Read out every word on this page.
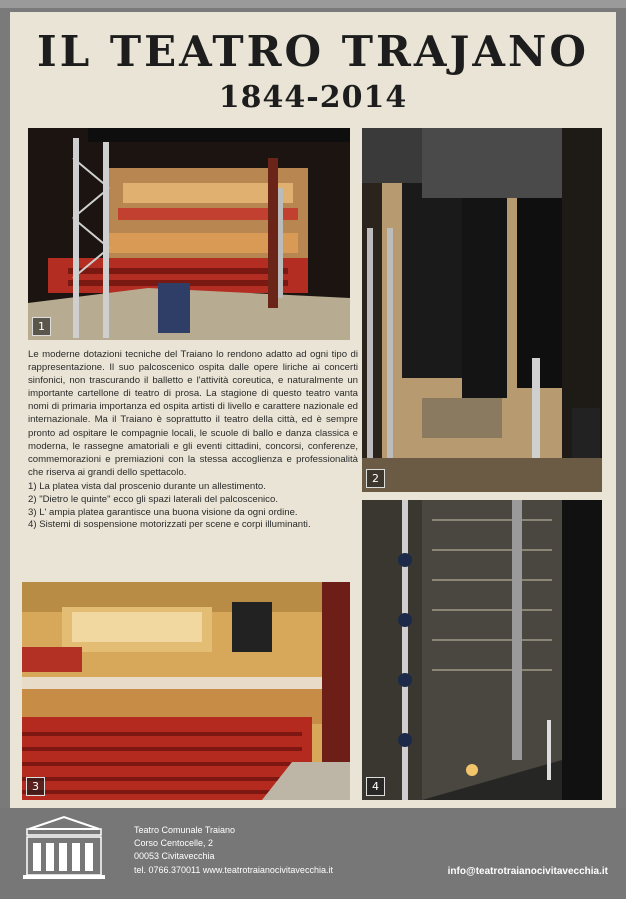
IL TEATRO TRAJANO
1844-2014
1
2

Le moderne dotazioni tecniche del Traiano lo rendono adatto ad ogni tipo di rappresentazione. Il suo palcoscenico ospita dalle opere liriche ai concerti sinfonici, non trascurando il balletto e l'attività coreutica, e naturalmente un importante cartellone di teatro di prosa. La stagione di questo teatro vanta nomi di primaria importanza ed ospita artisti di livello e carattere nazionale ed internazionale. Ma il Traiano è soprattutto il teatro della città, ed è sempre pronto ad ospitare le compagnie locali, le scuole di ballo e danza classica e moderna, le rassegne amatoriali e gli eventi cittadini, concorsi, conferenze, commemorazioni e premiazioni con la stessa accoglienza e professionalità che riserva ai grandi dello spettacolo.

1) La platea vista dal proscenio durante un allestimento.
2) "Dietro le quinte" ecco gli spazi laterali del palcoscenico.
3) L' ampia platea garantisce una buona visione da ogni ordine.
4) Sistemi di sospensione motorizzati per scene e corpi illuminanti.
3	4
Teatro Comunale Traiano
Corso Centocelle, 2
00053 Civitavecchia
tel. 0766.370011 www.teatrotraianocivitavecchia.it	info@teatrotraianocivitavecchia.it
